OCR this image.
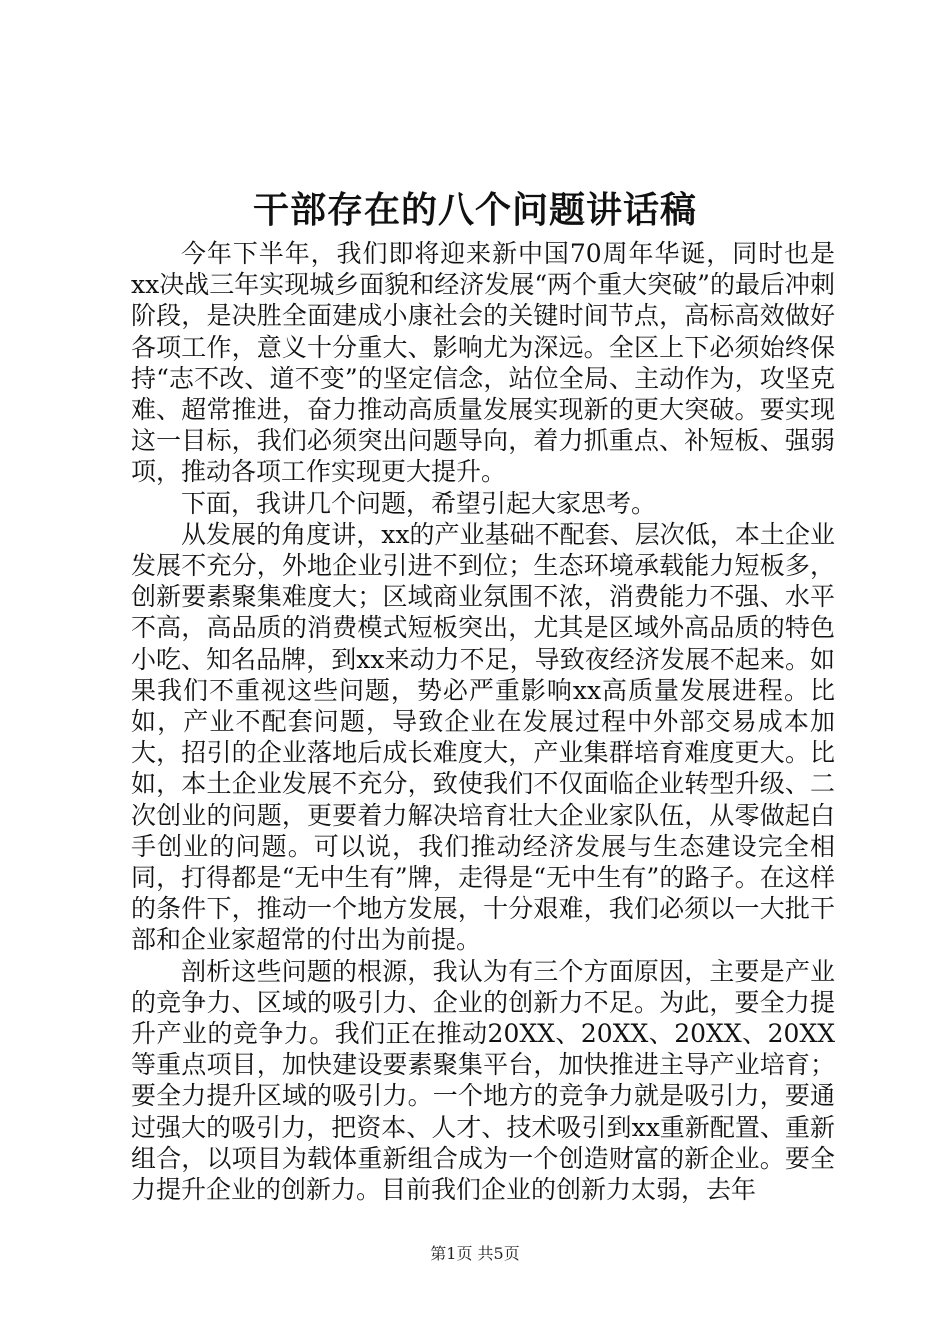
干部存在的八个问题讲话稿

今年下半年，我们即将迎来新中国70周年华诞，同时也是xx决战三年实现城乡面貌和经济发展“两个重大突破”的最后冲刺阶段，是决胜全面建成小康社会的关键时间节点，高标高效做好各项工作，意义十分重大、影响尤为深远。全区上下必须始终保持“志不改、道不变”的坚定信念，站位全局、主动作为，攻坚克难、超常推进，奋力推动高质量发展实现新的更大突破。要实现这一目标，我们必须突出问题导向，着力抓重点、补短板、强弱项，推动各项工作实现更大提升。

下面，我讲几个问题，希望引起大家思考。

从发展的角度讲，xx的产业基础不配套、层次低，本土企业发展不充分，外地企业引进不到位；生态环境承载能力短板多，创新要素聚集难度大；区域商业氛围不浓，消费能力不强、水平不高，高品质的消费模式短板突出，尤其是区域外高品质的特色小吃、知名品牌，到xx来动力不足，导致夜经济发展不起来。如果我们不重视这些问题，势必严重影响xx高质量发展进程。比如，产业不配套问题，导致企业在发展过程中外部交易成本加大，招引的企业落地后成长难度大，产业集群培育难度更大。比如，本土企业发展不充分，致使我们不仅面临企业转型升级、二次创业的问题，更要着力解决培育壮大企业家队伍，从零做起白手创业的问题。可以说，我们推动经济发展与生态建设完全相同，打得都是“无中生有”牌，走得是“无中生有”的路子。在这样的条件下，推动一个地方发展，十分艰难，我们必须以一大批干部和企业家超常的付出为前提。

剖析这些问题的根源，我认为有三个方面原因，主要是产业的竞争力、区域的吸引力、企业的创新力不足。为此，要全力提升产业的竞争力。我们正在推动20XX、20XX、20XX、20XX等重点项目，加快建设要素聚集平台，加快推进主导产业培育；要全力提升区域的吸引力。一个地方的竞争力就是吸引力，要通过强大的吸引力，把资本、人才、技术吸引到xx重新配置、重新组合，以项目为载体重新组合成为一个创造财富的新企业。要全力提升企业的创新力。目前我们企业的创新力太弱，去年

第1页 共5页
